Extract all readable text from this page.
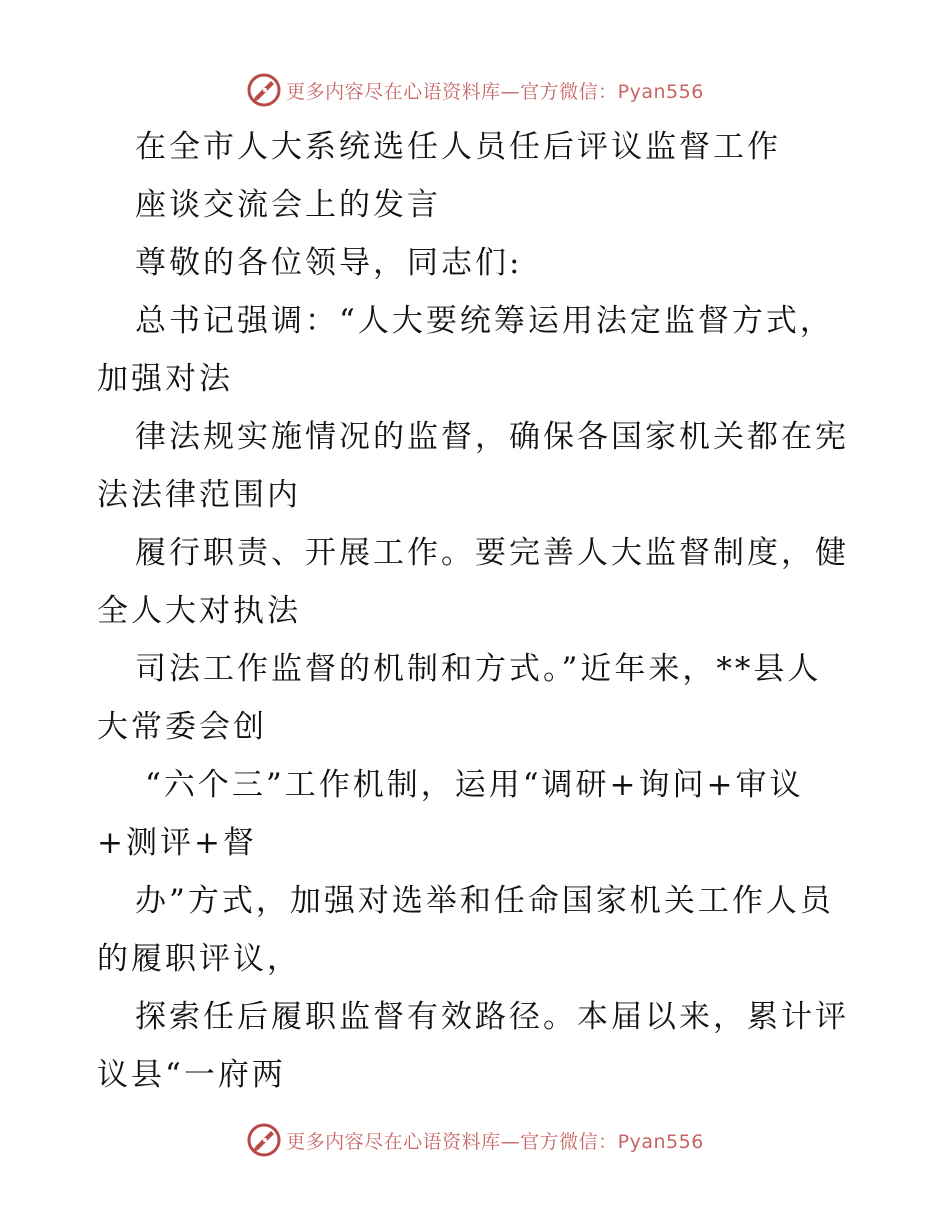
更多内容尽在心语资料库—官方微信：Pyan556
在全市人大系统选任人员任后评议监督工作
座谈交流会上的发言
尊敬的各位领导，同志们:
总书记强调：“人大要统筹运用法定监督方式，
加强对法
律法规实施情况的监督，确保各国家机关都在宪
法法律范围内
履行职责、开展工作。要完善人大监督制度，健
全人大对执法
司法工作监督的机制和方式。”近年来，**县人
大常委会创
“六个三”工作机制，运用“调研+询问+审议
+测评+督
办”方式，加强对选举和任命国家机关工作人员
的履职评议，
探索任后履职监督有效路径。本届以来，累计评
议县“一府两
更多内容尽在心语资料库—官方微信：Pyan556
